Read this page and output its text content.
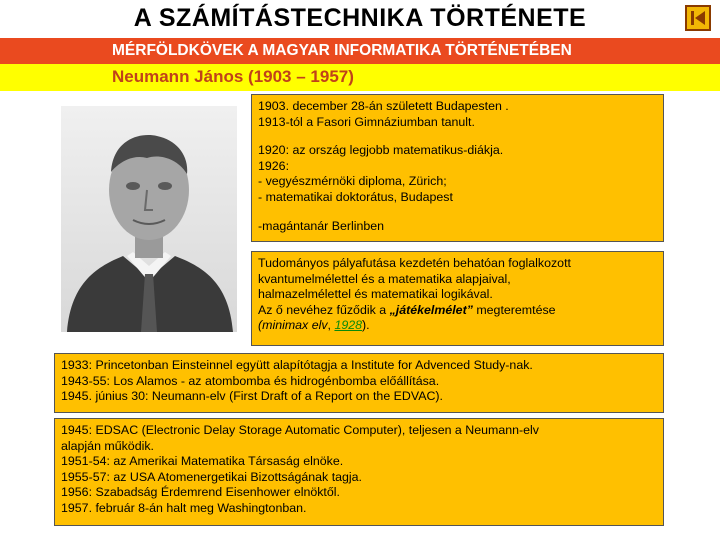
A SZÁMÍTÁSTECHNIKA TÖRTÉNETE
MÉRFÖLDKÖVEK A MAGYAR INFORMATIKA TÖRTÉNETÉBEN
Neumann János (1903 – 1957)

1903. december 28-án született Budapesten .

1913-tól a Fasori Gimnáziumban tanult.

1920: az ország legjobb matematikus-diákja.

1926:

- vegyészmérnöki diploma, Zürich;

- matematikai doktorátus, Budapest

-magántanár Berlinben

Tudományos pályafutása kezdetén behatóan foglalkozott

kvantumelmélettel és a matematika alapjaival,

halmazelmélettel és matematikai logikával.

Az ő nevéhez fűződik a „játékelmélet” megteremtése

(minimax elv, 1928).

1933: Princetonban Einsteinnel együtt alapítótagja a Institute for Advenced Study-nak.

1943-55: Los Alamos - az atombomba és hidrogénbomba előállítása.

1945. június 30: Neumann-elv (First Draft of a Report on the EDVAC).

1945: EDSAC (Electronic Delay Storage Automatic Computer), teljesen a Neumann-elv

alapján működik.

1951-54: az Amerikai Matematika Társaság elnöke.

1955-57: az USA Atomenergetikai Bizottságának tagja.

1956: Szabadság Érdemrend Eisenhower elnöktől.

1957. február 8-án halt meg Washingtonban.
